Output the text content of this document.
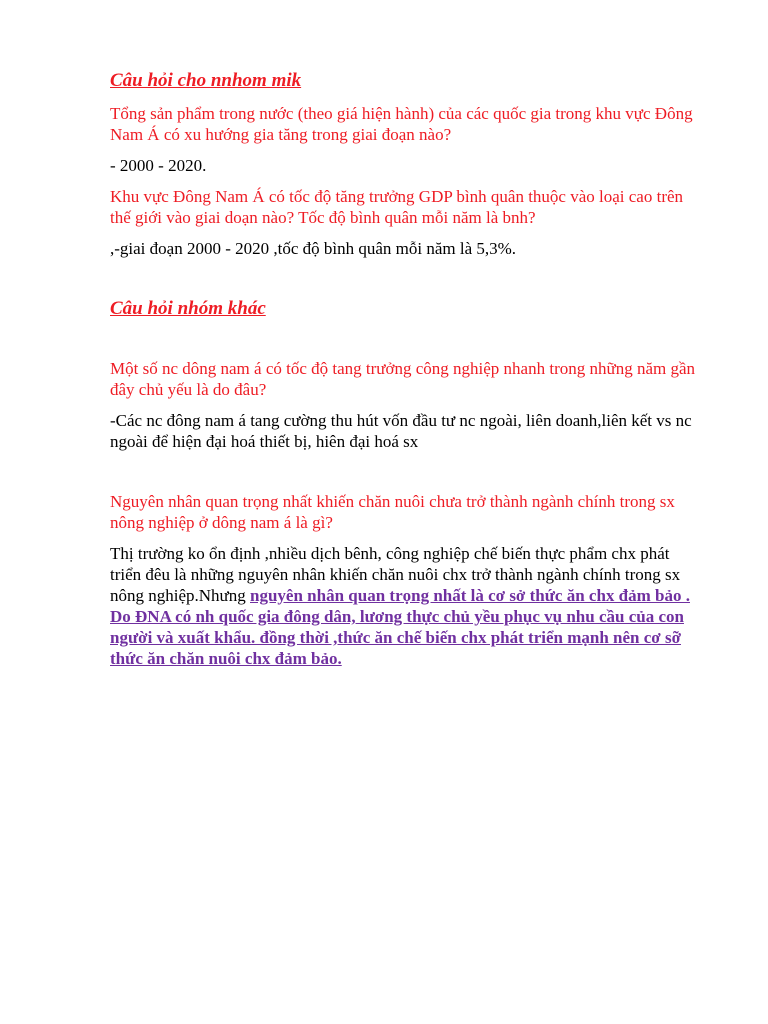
Câu hỏi cho nnhom mik

Tổng sản phẩm trong nước (theo giá hiện hành) của các quốc gia trong khu vực Đông Nam Á có xu hướng gia tăng trong giai đoạn nào?

- 2000 - 2020.

Khu vực Đông Nam Á có tốc độ tăng trưởng GDP bình quân thuộc vào loại cao trên thế giới vào giai doạn nào? Tốc độ bình quân mỗi năm là bnh?

,-giai đoạn 2000 - 2020 ,tốc độ bình quân mỗi năm là 5,3%.

Câu hỏi nhóm khác

Một số nc dông nam á có tốc độ tang trưởng công nghiệp nhanh trong những năm gần đây chủ yếu là do đâu?

-Các nc đông nam á tang cường thu hút vốn đầu tư nc ngoài, liên doanh,liên kết vs nc ngoài để hiện đại hoá thiết bị, hiên đại hoá sx

Nguyên nhân quan trọng nhất khiến chăn nuôi chưa trở thành ngành chính trong sx nông nghiệp ở dông nam á là gì?

Thị trường ko ổn định ,nhiều dịch bênh, công nghiệp chế biến thực phẩm chx phát triển đêu là những nguyên nhân khiến chăn nuôi chx trở thành ngành chính trong sx nông nghiệp.Nhưng nguyên nhân quan trọng nhất là cơ sở thức ăn chx đảm bảo . Do ĐNA có nh quốc gia đông dân, lương thực chủ yều phục vụ nhu cầu của con người và xuất khẩu. đồng thời ,thức ăn chế biến chx phát triển mạnh nên cơ sỡ thức ăn chăn nuôi chx đảm bảo.
